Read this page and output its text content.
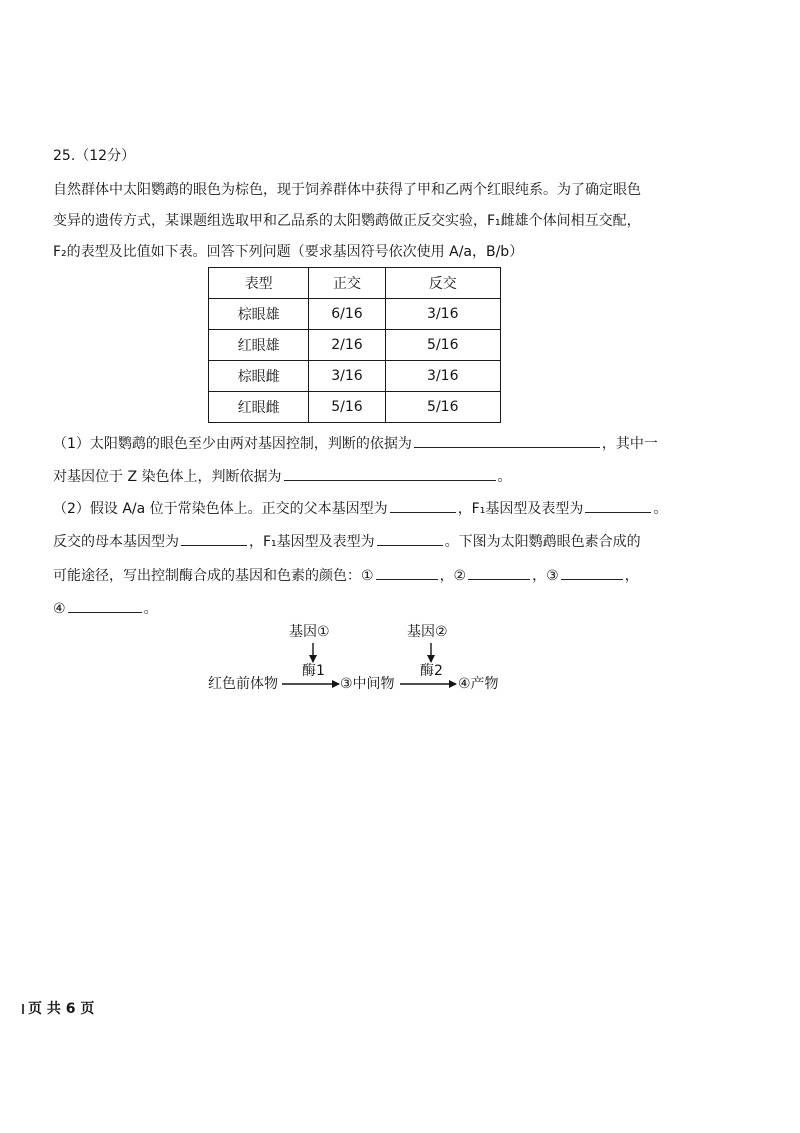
25.（12分）
自然群体中太阳鹦鹉的眼色为棕色，现于饲养群体中获得了甲和乙两个红眼纯系。为了确定眼色
变异的遗传方式，某课题组选取甲和乙品系的太阳鹦鹉做正反交实验，F₁雌雄个体间相互交配，
F₂的表型及比值如下表。回答下列问题（要求基因符号依次使用 A/a，B/b）
表型	正交	反交
棕眼雄	6/16	3/16
红眼雄	2/16	5/16
棕眼雌	3/16	3/16
红眼雌	5/16	5/16
（1）太阳鹦鹉的眼色至少由两对基因控制，判断的依据为	，其中一
对基因位于 Z 染色体上，判断依据为	。
（2）假设 A/a 位于常染色体上。正交的父本基因型为	，F₁基因型及表型为	。
反交的母本基因型为	，F₁基因型及表型为	。下图为太阳鹦鹉眼色素合成的
可能途径，写出控制酶合成的基因和色素的颜色：①	，②	，③	，
④	。
基因①	基因②
酶1	酶2
红色前体物	③中间物	④产物
页 共 6 页
